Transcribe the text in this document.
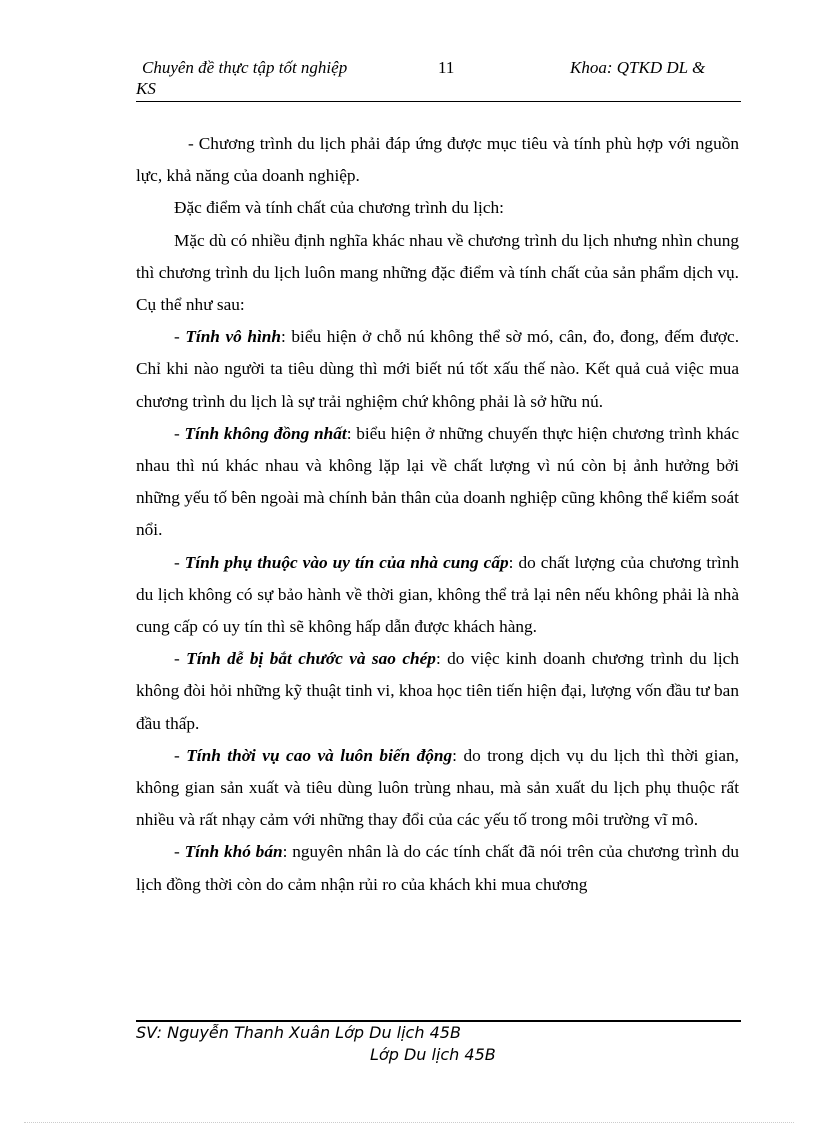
Chuyên đề thực tập tốt nghiệp	11	Khoa: QTKD DL &
KS

- Chương trình du lịch phải đáp ứng được mục tiêu và tính phù hợp với nguồn lực, khả năng của doanh nghiệp.

Đặc điểm và tính chất của chương trình du lịch:

Mặc dù có nhiều định nghĩa khác nhau về chương trình du lịch nhưng nhìn chung thì chương trình du lịch luôn mang những đặc điểm và tính chất của sản phẩm dịch vụ. Cụ thể như sau:

- Tính vô hình: biểu hiện ở chỗ nú không thể sờ mó, cân, đo, đong, đếm được. Chỉ khi nào người ta tiêu dùng thì mới biết nú tốt xấu thế nào. Kết quả cuả việc mua chương trình du lịch là sự trải nghiệm chứ không phải là sở hữu nú.

- Tính không đồng nhất: biểu hiện ở những chuyến thực hiện chương trình khác nhau thì nú khác nhau và không lặp lại về chất lượng vì nú còn bị ảnh hưởng bởi những yếu tố bên ngoài mà chính bản thân của doanh nghiệp cũng không thể kiểm soát nổi.

- Tính phụ thuộc vào uy tín của nhà cung cấp: do chất lượng của chương trình du lịch không có sự bảo hành về thời gian, không thể trả lại nên nếu không phải là nhà cung cấp có uy tín thì sẽ không hấp dẫn được khách hàng.

- Tính dễ bị bắt chước và sao chép: do việc kinh doanh chương trình du lịch không đòi hỏi những kỹ thuật tinh vi, khoa học tiên tiến hiện đại, lượng vốn đầu tư ban đầu thấp.

- Tính thời vụ cao và luôn biến động: do trong dịch vụ du lịch thì thời gian, không gian sản xuất và tiêu dùng luôn trùng nhau, mà sản xuất du lịch phụ thuộc rất nhiều và rất nhạy cảm với những thay đổi của các yếu tố trong môi trường vĩ mô.

- Tính khó bán: nguyên nhân là do các tính chất đã nói trên của chương trình du lịch đồng thời còn do cảm nhận rủi ro của khách khi mua chương

SV: Nguyễn Thanh Xuân Lớp Du lịch 45B
Lớp Du lịch 45B
